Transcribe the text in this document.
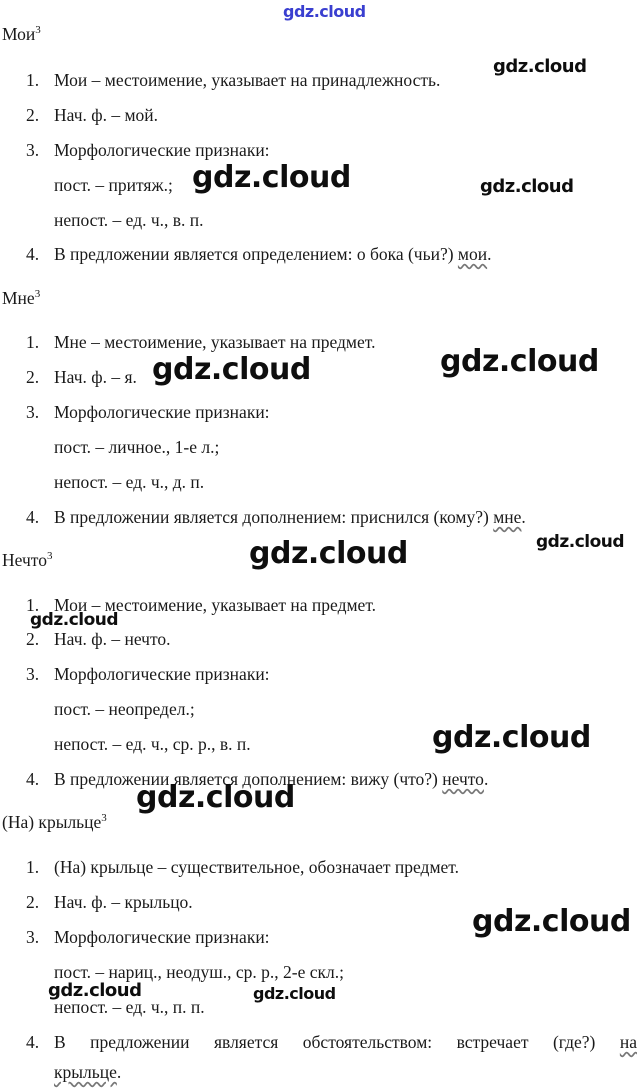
gdz.cloud
Мои$^3$
1. Мои – местоимение, указывает на принадлежность.
2. Нач. ф. – мой.
3. Морфологические признаки:
пост. – притяж.;
непост. – ед. ч., в. п.
4. В предложении является определением: о бока (чьи?) мои.
Мне$^3$
1. Мне – местоимение, указывает на предмет.
2. Нач. ф. – я.
3. Морфологические признаки:
пост. – личное., 1-е л.;
непост. – ед. ч., д. п.
4. В предложении является дополнением: приснился (кому?) мне.
Нечто$^3$
1. Мои – местоимение, указывает на предмет.
2. Нач. ф. – нечто.
3. Морфологические признаки:
пост. – неопредел.;
непост. – ед. ч., ср. р., в. п.
4. В предложении является дополнением: вижу (что?) нечто.
(На) крыльце$^3$
1. (На) крыльце – существительное, обозначает предмет.
2. Нач. ф. – крыльцо.
3. Морфологические признаки:
пост. – нариц., неодуш., ср. р., 2-е скл.;
непост. – ед. ч., п. п.
4. В предложении является обстоятельством: встречает (где?) на
крыльце.
gdz.cloud
gdz.cloud	gdz.cloud
gdz.cloud
gdz.cloud
gdz.cloud
gdz.cloud
gdz.cloud
gdz.cloud
gdz.cloud
gdz.cloud
gdz.cloud	gdz.cloud
